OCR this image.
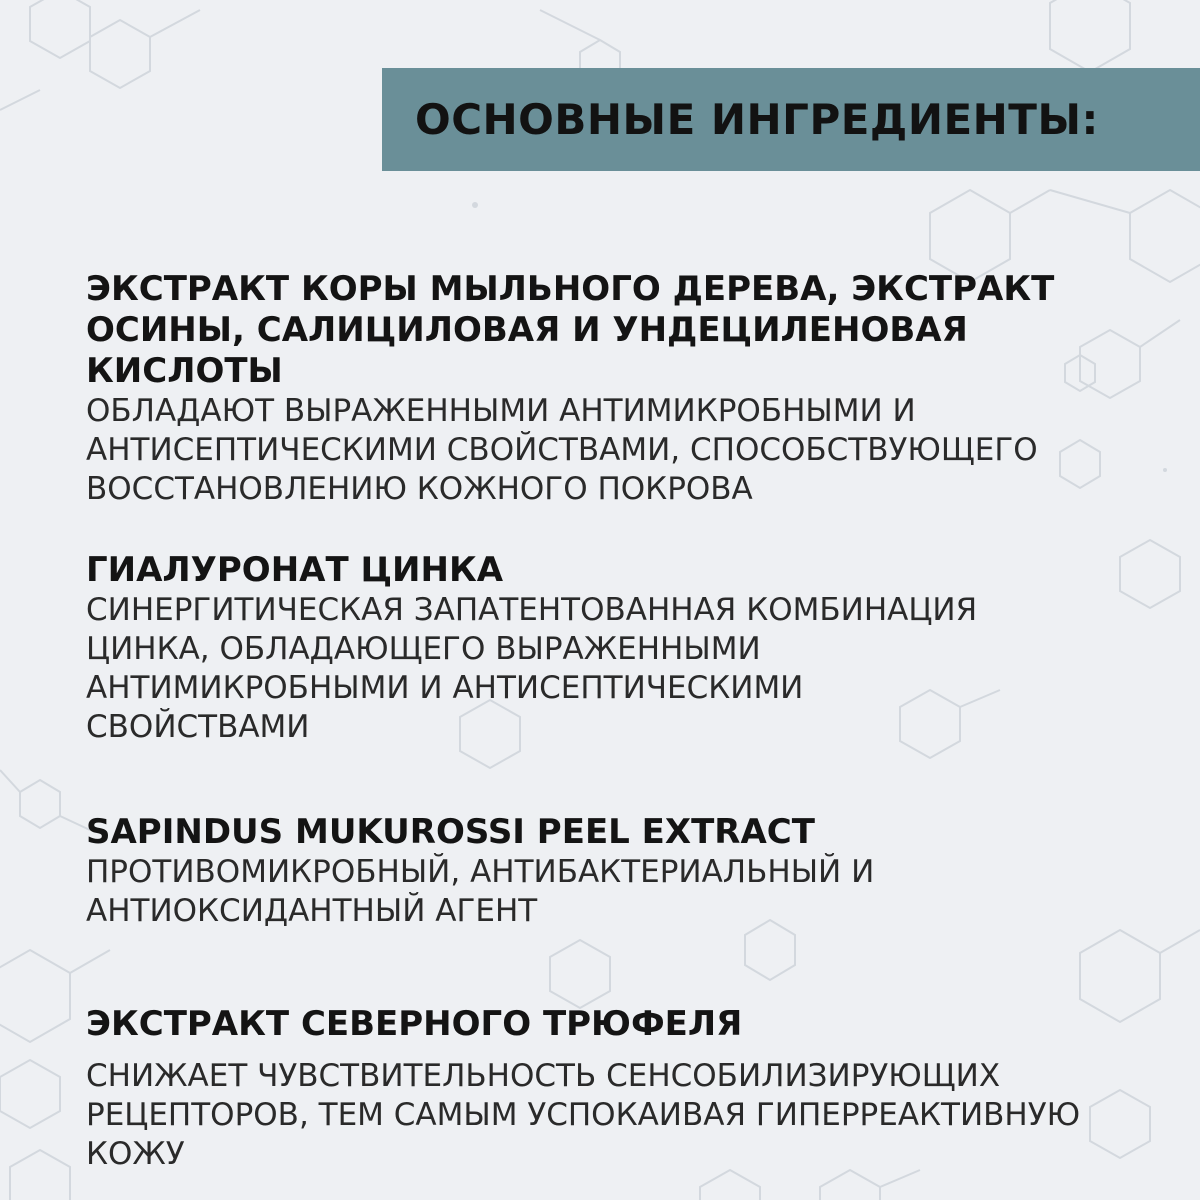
ОСНОВНЫЕ ИНГРЕДИЕНТЫ:

ЭКСТРАКТ КОРЫ МЫЛЬНОГО ДЕРЕВА, ЭКСТРАКТ
ОСИНЫ, САЛИЦИЛОВАЯ И УНДЕЦИЛЕНОВАЯ
КИСЛОТЫ

ОБЛАДАЮТ ВЫРАЖЕННЫМИ АНТИМИКРОБНЫМИ И
АНТИСЕПТИЧЕСКИМИ СВОЙСТВАМИ, СПОСОБСТВУЮЩЕГО
ВОССТАНОВЛЕНИЮ КОЖНОГО ПОКРОВА

ГИАЛУРОНАТ ЦИНКА

СИНЕРГИТИЧЕСКАЯ ЗАПАТЕНТОВАННАЯ КОМБИНАЦИЯ
ЦИНКА, ОБЛАДАЮЩЕГО ВЫРАЖЕННЫМИ
АНТИМИКРОБНЫМИ И АНТИСЕПТИЧЕСКИМИ
СВОЙСТВАМИ

SAPINDUS MUKUROSSI PEEL EXTRACT

ПРОТИВОМИКРОБНЫЙ, АНТИБАКТЕРИАЛЬНЫЙ И
АНТИОКСИДАНТНЫЙ АГЕНТ

ЭКСТРАКТ СЕВЕРНОГО ТРЮФЕЛЯ

СНИЖАЕТ ЧУВСТВИТЕЛЬНОСТЬ СЕНСОБИЛИЗИРУЮЩИХ
РЕЦЕПТОРОВ, ТЕМ САМЫМ УСПОКАИВАЯ ГИПЕРРЕАКТИВНУЮ
КОЖУ
